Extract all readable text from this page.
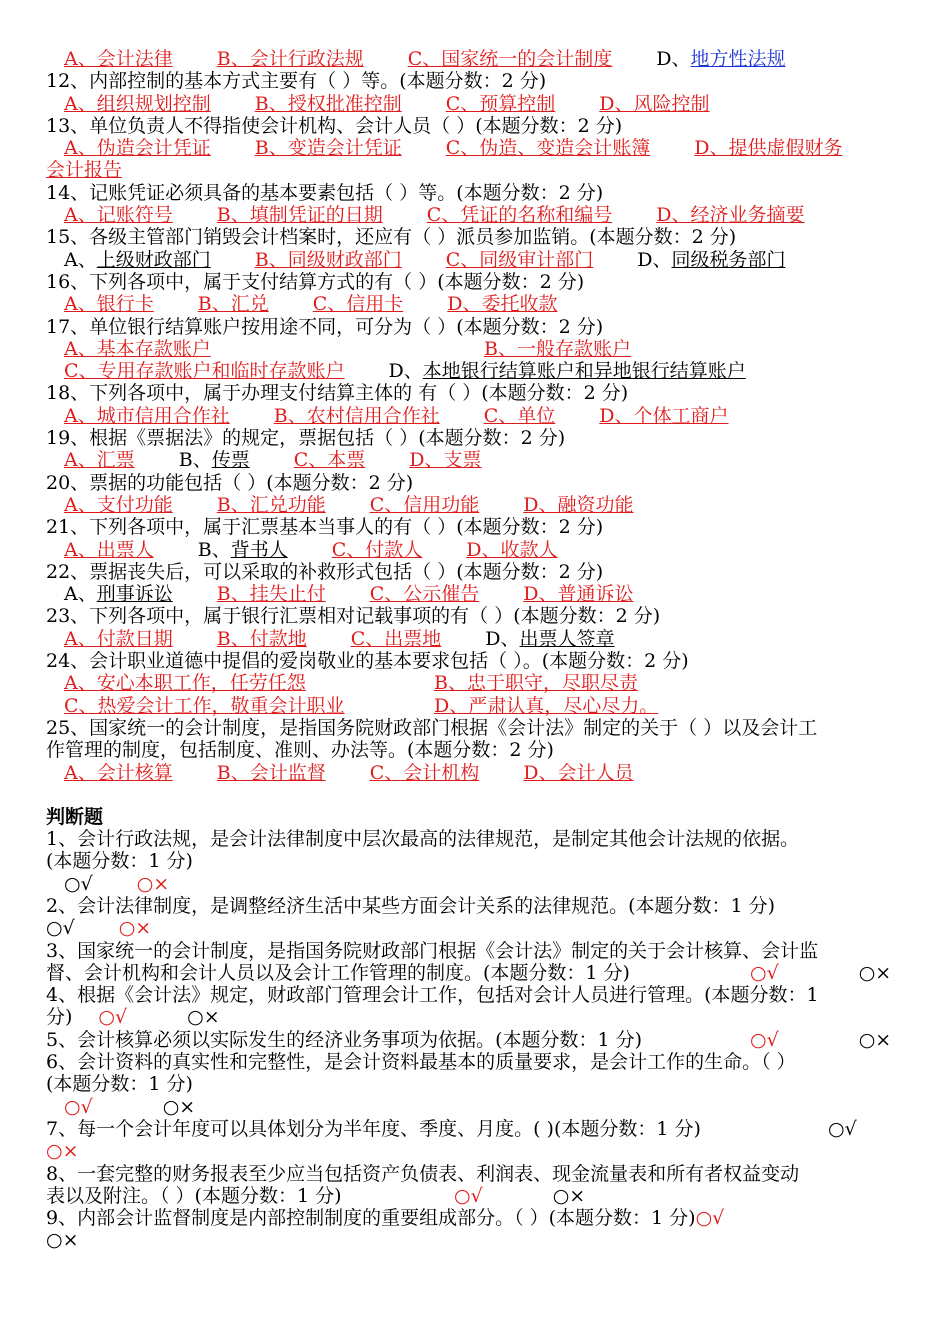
A、会计法律 B、会计行政法规 C、国家统一的会计制度 D、地方性法规
12、内部控制的基本方式主要有（ ）等。(本题分数：2 分)
A、组织规划控制 B、授权批准控制 C、预算控制 D、风险控制
13、单位负责人不得指使会计机构、会计人员（ ）(本题分数：2 分)
A、伪造会计凭证 B、变造会计凭证 C、伪造、变造会计账簿 D、提供虚假财务
会计报告
14、记账凭证必须具备的基本要素包括（ ）等。(本题分数：2 分)
A、记账符号 B、填制凭证的日期 C、凭证的名称和编号 D、经济业务摘要
15、各级主管部门销毁会计档案时，还应有（ ）派员参加监销。(本题分数：2 分)
A、上级财政部门 B、同级财政部门 C、同级审计部门 D、同级税务部门
16、下列各项中，属于支付结算方式的有（ ）(本题分数：2 分)
A、银行卡 B、汇兑 C、信用卡 D、委托收款
17、单位银行结算账户按用途不同，可分为（ ）(本题分数：2 分)
A、基本存款账户	B、一般存款账户
C、专用存款账户和临时存款账户 D、本地银行结算账户和异地银行结算账户
18、下列各项中，属于办理支付结算主体的 有（ ）(本题分数：2 分)
A、城市信用合作社 B、农村信用合作社 C、单位 D、个体工商户
19、根据《票据法》的规定，票据包括（ ）(本题分数：2 分)
A、汇票 B、传票 C、本票 D、支票
20、票据的功能包括（ ）(本题分数：2 分)
A、支付功能 B、汇兑功能 C、信用功能 D、融资功能
21、下列各项中，属于汇票基本当事人的有（ ）(本题分数：2 分)
A、出票人 B、背书人 C、付款人 D、收款人
22、票据丧失后，可以采取的补救形式包括（ ）(本题分数：2 分)
A、刑事诉讼 B、挂失止付 C、公示催告 D、普通诉讼
23、下列各项中，属于银行汇票相对记载事项的有（ ）(本题分数：2 分)
A、付款日期 B、付款地 C、出票地 D、出票人签章
24、会计职业道德中提倡的爱岗敬业的基本要求包括（ ）。(本题分数：2 分)
A、安心本职工作，任劳任怨	B、忠于职守，尽职尽责
C、热爱会计工作，敬重会计职业	D、严肃认真，尽心尽力。
25、国家统一的会计制度，是指国务院财政部门根据《会计法》制定的关于（ ）以及会计工
作管理的制度，包括制度、准则、办法等。(本题分数：2 分)
A、会计核算 B、会计监督 C、会计机构 D、会计人员
判断题
1、会计行政法规，是会计法律制度中层次最高的法律规范，是制定其他会计法规的依据。
(本题分数：1 分)
○√ ○×
2、会计法律制度，是调整经济生活中某些方面会计关系的法律规范。(本题分数：1 分)
○√ ○×
3、国家统一的会计制度，是指国务院财政部门根据《会计法》制定的关于会计核算、会计监
督、会计机构和会计人员以及会计工作管理的制度。(本题分数：1 分)	○√	○×
4、根据《会计法》规定，财政部门管理会计工作，包括对会计人员进行管理。(本题分数：1
分) ○√	○×
5、会计核算必须以实际发生的经济业务事项为依据。(本题分数：1 分)	○√	○×
6、会计资料的真实性和完整性，是会计资料最基本的质量要求，是会计工作的生命。（ ）
(本题分数：1 分)
○√	○×
7、每一个会计年度可以具体划分为半年度、季度、月度。( )(本题分数：1 分)	○√
○×
8、一套完整的财务报表至少应当包括资产负债表、利润表、现金流量表和所有者权益变动
表以及附注。（ ）(本题分数：1 分)	○√	○×
9、内部会计监督制度是内部控制制度的重要组成部分。（ ）(本题分数：1 分)○√
○×
